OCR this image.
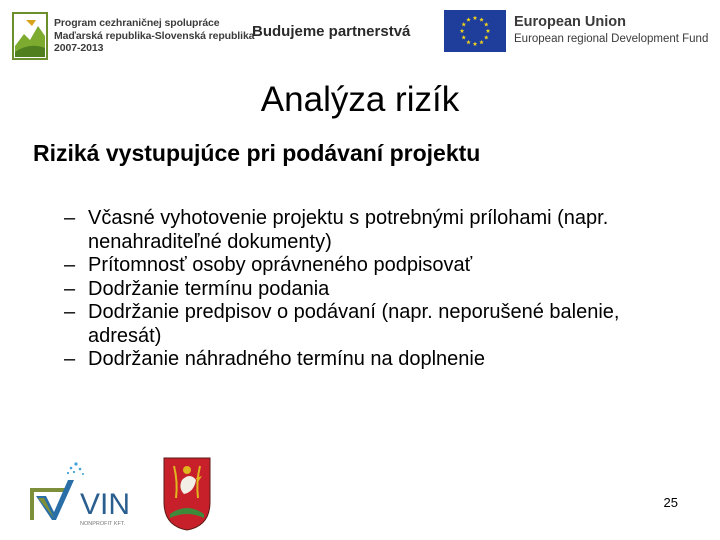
Program cezhraničnej spolupráce
Maďarská republika-Slovenská republika
2007-2013
Budujeme partnerstvá
European Union
European regional Development Fund
Analýza rizík
Riziká vystupujúce pri podávaní projektu
– Včasné vyhotovenie projektu s potrebnými prílohami (napr. nenahraditeľné dokumenty)
– Prítomnosť osoby oprávneného podpisovať
– Dodržanie termínu podania
– Dodržanie predpisov o podávaní (napr. neporušené balenie, adresát)
– Dodržanie náhradného termínu na doplnenie
VIN
NONPROFIT KFT.
25
